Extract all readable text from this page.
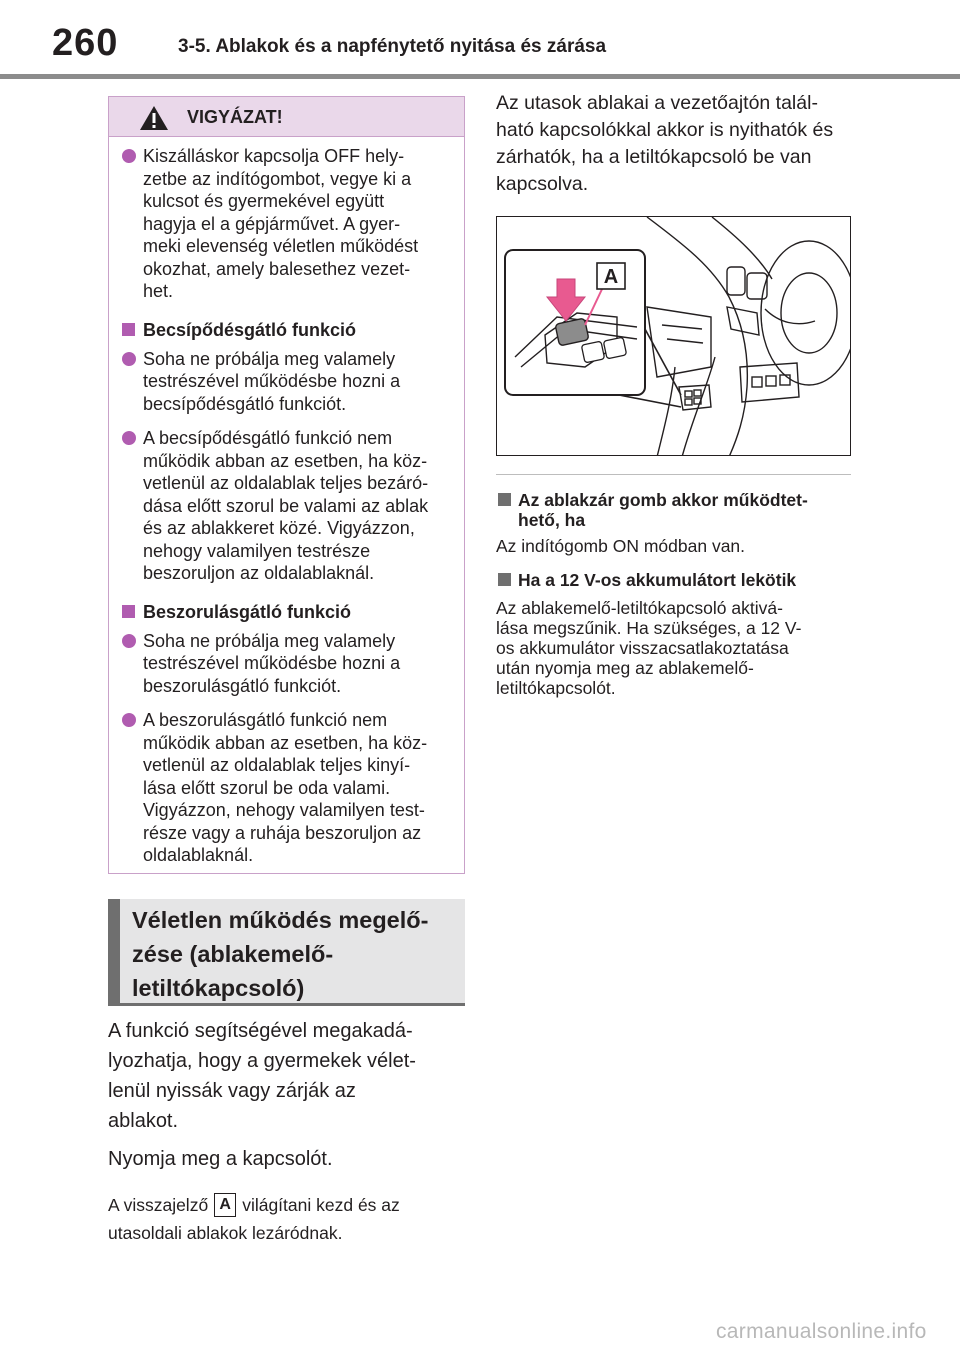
260	3-5. Ablakok és a napfénytető nyitása és zárása
VIGYÁZAT!
Kiszálláskor kapcsolja OFF hely-
zetbe az indítógombot, vegye ki a
kulcsot és gyermekével együtt
hagyja el a gépjárművet. A gyer-
meki elevenség véletlen működést
okozhat, amely balesethez vezet-
het.
Becsípődésgátló funkció
Soha ne próbálja meg valamely
testrészével működésbe hozni a
becsípődésgátló funkciót.
A becsípődésgátló funkció nem
működik abban az esetben, ha köz-
vetlenül az oldalablak teljes bezáró-
dása előtt szorul be valami az ablak
és az ablakkeret közé. Vigyázzon,
nehogy valamilyen testrésze
beszoruljon az oldalablaknál.
Beszorulásgátló funkció
Soha ne próbálja meg valamely
testrészével működésbe hozni a
beszorulásgátló funkciót.
A beszorulásgátló funkció nem
működik abban az esetben, ha köz-
vetlenül az oldalablak teljes kinyí-
lása előtt szorul be oda valami.
Vigyázzon, nehogy valamilyen test-
része vagy a ruhája beszoruljon az
oldalablaknál.
Véletlen működés megelő-
zése (ablakemelő-
letiltókapcsoló)
A funkció segítségével megakadá-
lyozhatja, hogy a gyermekek vélet-
lenül nyissák vagy zárják az
ablakot.
Nyomja meg a kapcsolót.
A visszajelző A világítani kezd és az
utasoldali ablakok lezáródnak.
Az utasok ablakai a vezetőajtón talál-
ható kapcsolókkal akkor is nyithatók és
zárhatók, ha a letiltókapcsoló be van
kapcsolva.
A
Az ablakzár gomb akkor működtet-
hető, ha
Az indítógomb ON módban van.
Ha a 12 V-os akkumulátort lekötik
Az ablakemelő-letiltókapcsoló aktivá-
lása megszűnik. Ha szükséges, a 12 V-
os akkumulátor visszacsatlakoztatása
után nyomja meg az ablakemelő-
letiltókapcsolót.
carmanualsonline.info
